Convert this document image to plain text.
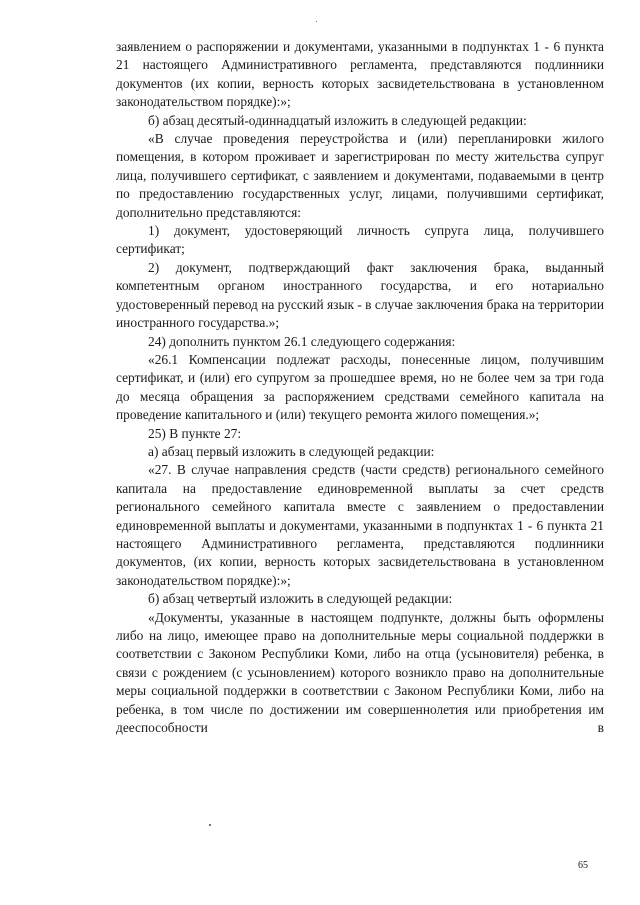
заявлением о распоряжении и документами, указанными в подпунктах 1 - 6 пункта 21 настоящего Административного регламента, представляются подлинники документов (их копии, верность которых засвидетельствована в установленном законодательством порядке):»;

б) абзац десятый-одиннадцатый изложить в следующей редакции:

«В случае проведения переустройства и (или) перепланировки жилого помещения, в котором проживает и зарегистрирован по месту жительства супруг лица, получившего сертификат, с заявлением и документами, подаваемыми в центр по предоставлению государственных услуг, лицами, получившими сертификат, дополнительно представляются:

1) документ, удостоверяющий личность супруга лица, получившего сертификат;

2) документ, подтверждающий факт заключения брака, выданный компетентным органом иностранного государства, и его нотариально удостоверенный перевод на русский язык - в случае заключения брака на территории иностранного государства.»;

24) дополнить пунктом 26.1 следующего содержания:

«26.1 Компенсации подлежат расходы, понесенные лицом, получившим сертификат, и (или) его супругом за прошедшее время, но не более чем за три года до месяца обращения за распоряжением средствами семейного капитала на проведение капитального и (или) текущего ремонта жилого помещения.»;

25) В пункте 27:

а) абзац первый изложить в следующей редакции:

«27. В случае направления средств (части средств) регионального семейного капитала на предоставление единовременной выплаты за счет средств регионального семейного капитала вместе с заявлением о предоставлении единовременной выплаты и документами, указанными в подпунктах 1 - 6 пункта 21 настоящего Административного регламента, представляются подлинники документов, (их копии, верность которых засвидетельствована в установленном законодательством порядке):»;

б) абзац четвертый изложить в следующей редакции:

«Документы, указанные в настоящем подпункте, должны быть оформлены либо на лицо, имеющее право на дополнительные меры социальной поддержки в соответствии с Законом Республики Коми, либо на отца (усыновителя) ребенка, в связи с рождением (с усыновлением) которого возникло право на дополнительные меры социальной поддержки в соответствии с Законом Республики Коми, либо на ребенка, в том числе по достижении им совершеннолетия или приобретения им дееспособности в

65
